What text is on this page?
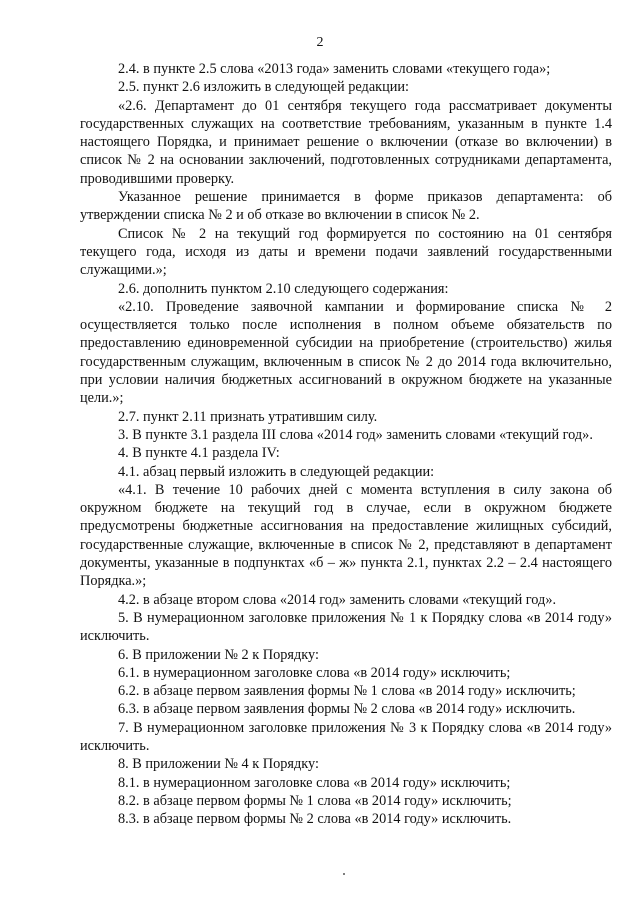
2

2.4. в пункте 2.5 слова «2013 года» заменить словами «текущего года»;

2.5. пункт 2.6 изложить в следующей редакции:

«2.6. Департамент до 01 сентября текущего года рассматривает документы государственных служащих на соответствие требованиям, указанным в пункте 1.4 настоящего Порядка, и принимает решение о включении (отказе во включении) в список № 2 на основании заключений, подготовленных сотрудниками департамента, проводившими проверку.

Указанное решение принимается в форме приказов департамента: об утверждении списка № 2 и об отказе во включении в список № 2.

Список № 2 на текущий год формируется по состоянию на 01 сентября текущего года, исходя из даты и времени подачи заявлений государственными служащими.»;

2.6. дополнить пунктом 2.10 следующего содержания:

«2.10. Проведение заявочной кампании и формирование списка № 2 осуществляется только после исполнения в полном объеме обязательств по предоставлению единовременной субсидии на приобретение (строительство) жилья государственным служащим, включенным в список № 2 до 2014 года включительно, при условии наличия бюджетных ассигнований в окружном бюджете на указанные цели.»;

2.7. пункт 2.11 признать утратившим силу.

3. В пункте 3.1 раздела III слова «2014 год» заменить словами «текущий год».

4. В пункте 4.1 раздела IV:

4.1. абзац первый изложить в следующей редакции:

«4.1. В течение 10 рабочих дней с момента вступления в силу закона об окружном бюджете на текущий год в случае, если в окружном бюджете предусмотрены бюджетные ассигнования на предоставление жилищных субсидий, государственные служащие, включенные в список № 2, представляют в департамент документы, указанные в подпунктах «б – ж» пункта 2.1, пунктах 2.2 – 2.4 настоящего Порядка.»;

4.2. в абзаце втором слова «2014 год» заменить словами «текущий год».

5. В нумерационном заголовке приложения № 1 к Порядку слова «в 2014 году» исключить.

6. В приложении № 2 к Порядку:

6.1. в нумерационном заголовке слова «в 2014 году» исключить;

6.2. в абзаце первом заявления формы № 1 слова «в 2014 году» исключить;

6.3. в абзаце первом заявления формы № 2 слова «в 2014 году» исключить.

7. В нумерационном заголовке приложения № 3 к Порядку слова «в 2014 году» исключить.

8. В приложении № 4 к Порядку:

8.1. в нумерационном заголовке слова «в 2014 году» исключить;

8.2. в абзаце первом формы № 1 слова «в 2014 году» исключить;

8.3. в абзаце первом формы № 2 слова «в 2014 году» исключить.
